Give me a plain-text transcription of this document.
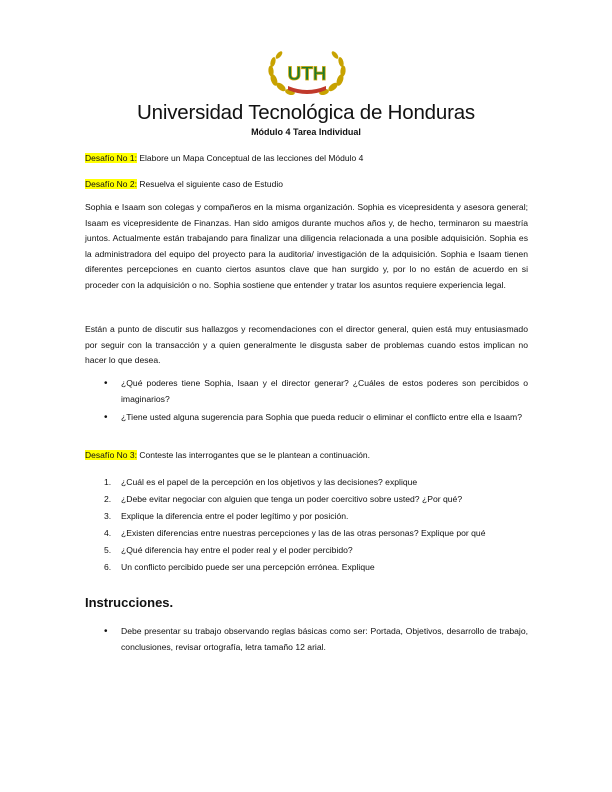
UTH
Universidad Tecnológica de Honduras
Módulo 4 Tarea Individual
Desafío No 1: Elabore un Mapa Conceptual de las lecciones del Módulo 4
Desafío No 2: Resuelva el siguiente caso de Estudio

Sophia e Isaam son colegas y compañeros en la misma organización. Sophia es vicepresidenta y asesora general; Isaam es vicepresidente de Finanzas. Han sido amigos durante muchos años y, de hecho, terminaron su maestría juntos. Actualmente están trabajando para finalizar una diligencia relacionada a una posible adquisición. Sophia es la administradora del equipo del proyecto para la auditoria/ investigación de la adquisición. Sophia e Isaam tienen diferentes percepciones en cuanto ciertos asuntos clave que han surgido y, por lo no están de acuerdo en si proceder con la adquisición o no. Sophia sostiene que entender y tratar los asuntos requiere experiencia legal.

Están a punto de discutir sus hallazgos y recomendaciones con el director general, quien está muy entusiasmado por seguir con la transacción y a quien generalmente le disgusta saber de problemas cuando estos implican no hacer lo que desea.

• ¿Qué poderes tiene Sophia, Isaan y el director generar? ¿Cuáles de estos poderes son percibidos o imaginarios?
• ¿Tiene usted alguna sugerencia para Sophia que pueda reducir o eliminar el conflicto entre ella e Isaam?
Desafío No 3: Conteste las interrogantes que se le plantean a continuación.
1. ¿Cuál es el papel de la percepción en los objetivos y las decisiones? explique
2. ¿Debe evitar negociar con alguien que tenga un poder coercitivo sobre usted? ¿Por qué?
3. Explique la diferencia entre el poder legítimo y por posición.
4. ¿Existen diferencias entre nuestras percepciones y las de las otras personas? Explique por qué
5. ¿Qué diferencia hay entre el poder real y el poder percibido?
6. Un conflicto percibido puede ser una percepción errónea. Explique
Instrucciones.
• Debe presentar su trabajo observando reglas básicas como ser: Portada, Objetivos, desarrollo de trabajo, conclusiones, revisar ortografía, letra tamaño 12 arial.
